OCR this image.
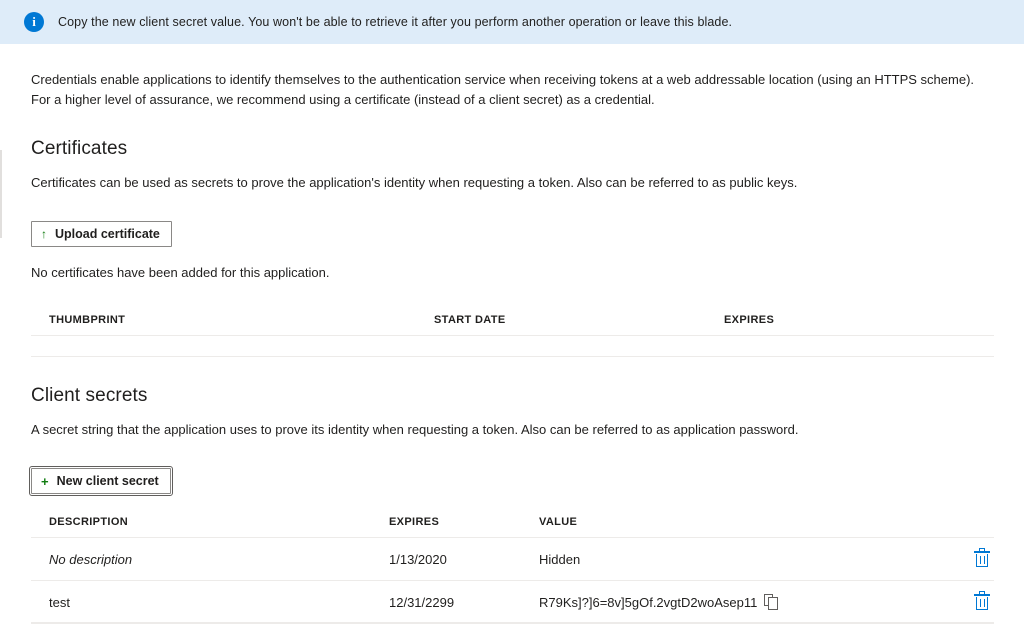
i	Copy the new client secret value. You won't be able to retrieve it after you perform another operation or leave this blade.

Credentials enable applications to identify themselves to the authentication service when receiving tokens at a web addressable location (using an HTTPS scheme). For a higher level of assurance, we recommend using a certificate (instead of a client secret) as a credential.

Certificates

Certificates can be used as secrets to prove the application's identity when requesting a token. Also can be referred to as public keys.

↑ Upload certificate

No certificates have been added for this application.

THUMBPRINT	START DATE	EXPIRES

Client secrets

A secret string that the application uses to prove its identity when requesting a token. Also can be referred to as application password.

+ New client secret
DESCRIPTION	EXPIRES	VALUE	
No description	1/13/2020	Hidden	

test	12/31/2299	R79Ks]?]6=8v]5gOf.2vgtD2woAsep11	
